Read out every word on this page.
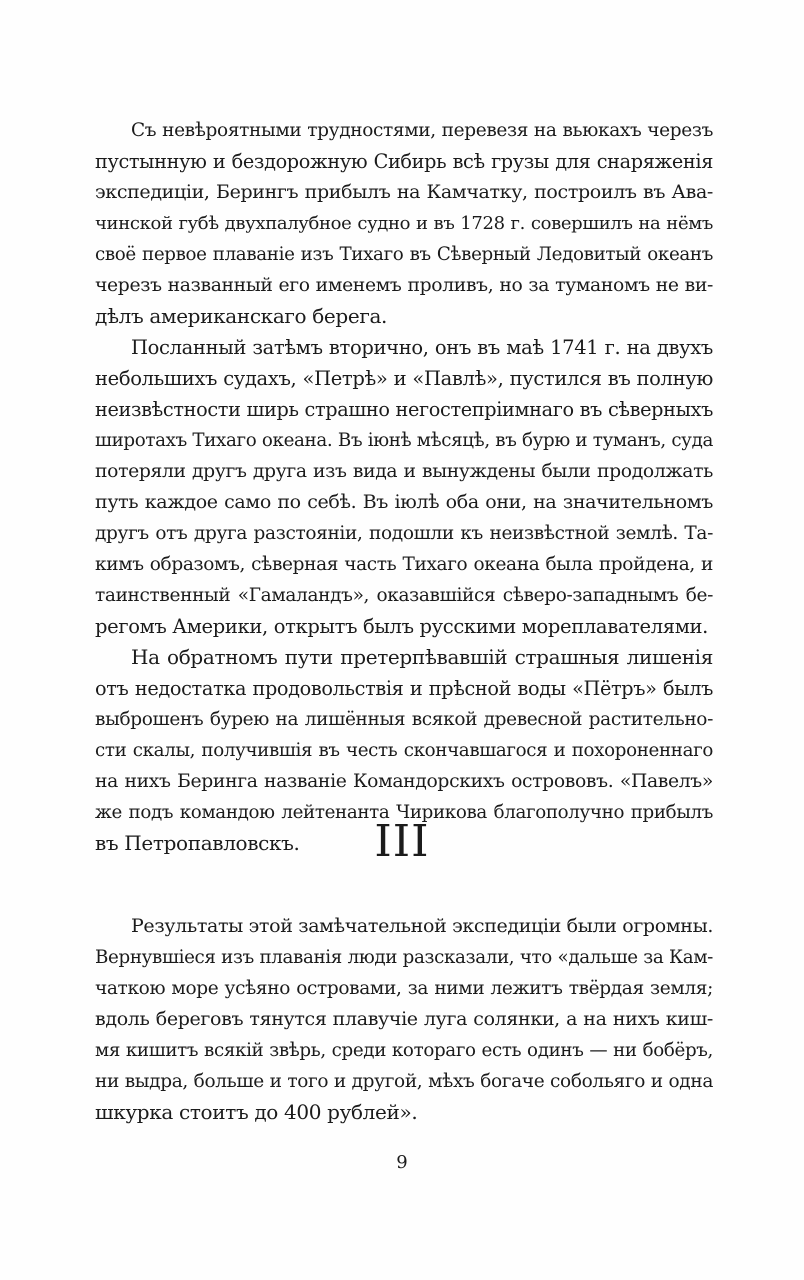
Съ невѣроятными трудностями, перевезя на вьюкахъ черезъ
пустынную и бездорожную Сибирь всѣ грузы для снаряженія
экспедиціи, Берингъ прибылъ на Камчатку, построилъ въ Ава-
чинской губѣ двухпалубное судно и въ 1728 г. совершилъ на нёмъ
своё первое плаваніе изъ Тихаго въ Сѣверный Ледовитый океанъ
черезъ названный его именемъ проливъ, но за туманомъ не ви-
дѣлъ американскаго берега.
Посланный затѣмъ вторично, онъ въ маѣ 1741 г. на двухъ
небольшихъ судахъ, «Петрѣ» и «Павлѣ», пустился въ полную
неизвѣстности ширь страшно негостепріимнаго въ сѣверныхъ
широтахъ Тихаго океана. Въ іюнѣ мѣсяцѣ, въ бурю и туманъ, суда
потеряли другъ друга изъ вида и вынуждены были продолжать
путь каждое само по себѣ. Въ іюлѣ оба они, на значительномъ
другъ отъ друга разстояніи, подошли къ неизвѣстной землѣ. Та-
кимъ образомъ, сѣверная часть Тихаго океана была пройдена, и
таинственный «Гамаландъ», оказавшійся сѣверо-западнымъ бе-
регомъ Америки, открытъ былъ русскими мореплавателями.
На обратномъ пути претерпѣвавшій страшныя лишенія
отъ недостатка продовольствія и прѣсной воды «Пётръ» былъ
выброшенъ бурею на лишённыя всякой древесной растительно-
сти скалы, получившія въ честь скончавшагося и похороненнаго
на нихъ Беринга названіе Командорскихъ острововъ. «Павелъ»
же подъ командою лейтенанта Чирикова благополучно прибылъ
въ Петропавловскъ.	III
Результаты этой замѣчательной экспедиціи были огромны.
Вернувшіеся изъ плаванія люди разсказали, что «дальше за Кам-
чаткою море усѣяно островами, за ними лежитъ твёрдая земля;
вдоль береговъ тянутся плавучіе луга солянки, а на нихъ киш-
мя кишитъ всякій звѣрь, среди котораго есть одинъ — ни бобёръ,
ни выдра, больше и того и другой, мѣхъ богаче собольяго и одна
шкурка стоитъ до 400 рублей».
9
